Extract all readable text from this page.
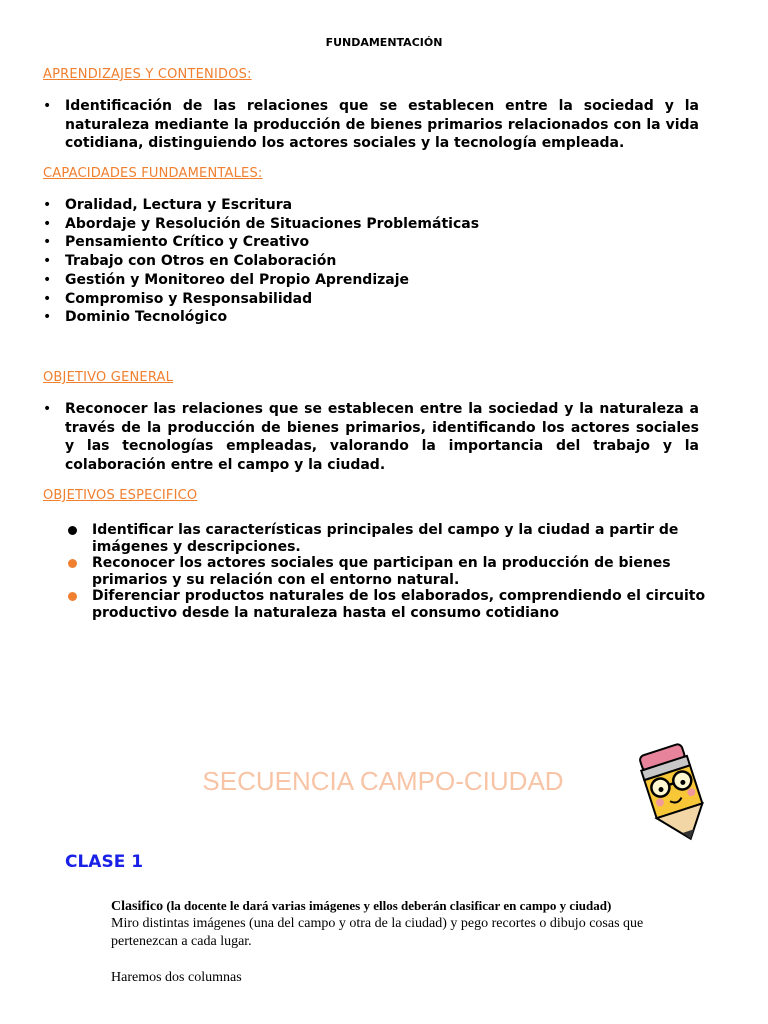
FUNDAMENTACIÓN
APRENDIZAJES Y CONTENIDOS:
• Identificación de las relaciones que se establecen entre la sociedad y la naturaleza mediante la producción de bienes primarios relacionados con la vida cotidiana, distinguiendo los actores sociales y la tecnología empleada.
CAPACIDADES FUNDAMENTALES:
• Oralidad, Lectura y Escritura
• Abordaje y Resolución de Situaciones Problemáticas
• Pensamiento Crítico y Creativo
• Trabajo con Otros en Colaboración
• Gestión y Monitoreo del Propio Aprendizaje
• Compromiso y Responsabilidad
• Dominio Tecnológico
OBJETIVO GENERAL
• Reconocer las relaciones que se establecen entre la sociedad y la naturaleza a través de la producción de bienes primarios, identificando los actores sociales y las tecnologías empleadas, valorando la importancia del trabajo y la colaboración entre el campo y la ciudad.
OBJETIVOS ESPECIFICO
Identificar las características principales del campo y la ciudad a partir de imágenes y descripciones.
Reconocer los actores sociales que participan en la producción de bienes primarios y su relación con el entorno natural.
Diferenciar productos naturales de los elaborados, comprendiendo el circuito productivo desde la naturaleza hasta el consumo cotidiano
SECUENCIA CAMPO-CIUDAD
CLASE 1
Clasifico (la docente le dará varias imágenes y ellos deberán clasificar en campo y ciudad)
Miro distintas imágenes (una del campo y otra de la ciudad) y pego recortes o dibujo cosas que pertenezcan a cada lugar.
Haremos dos columnas
